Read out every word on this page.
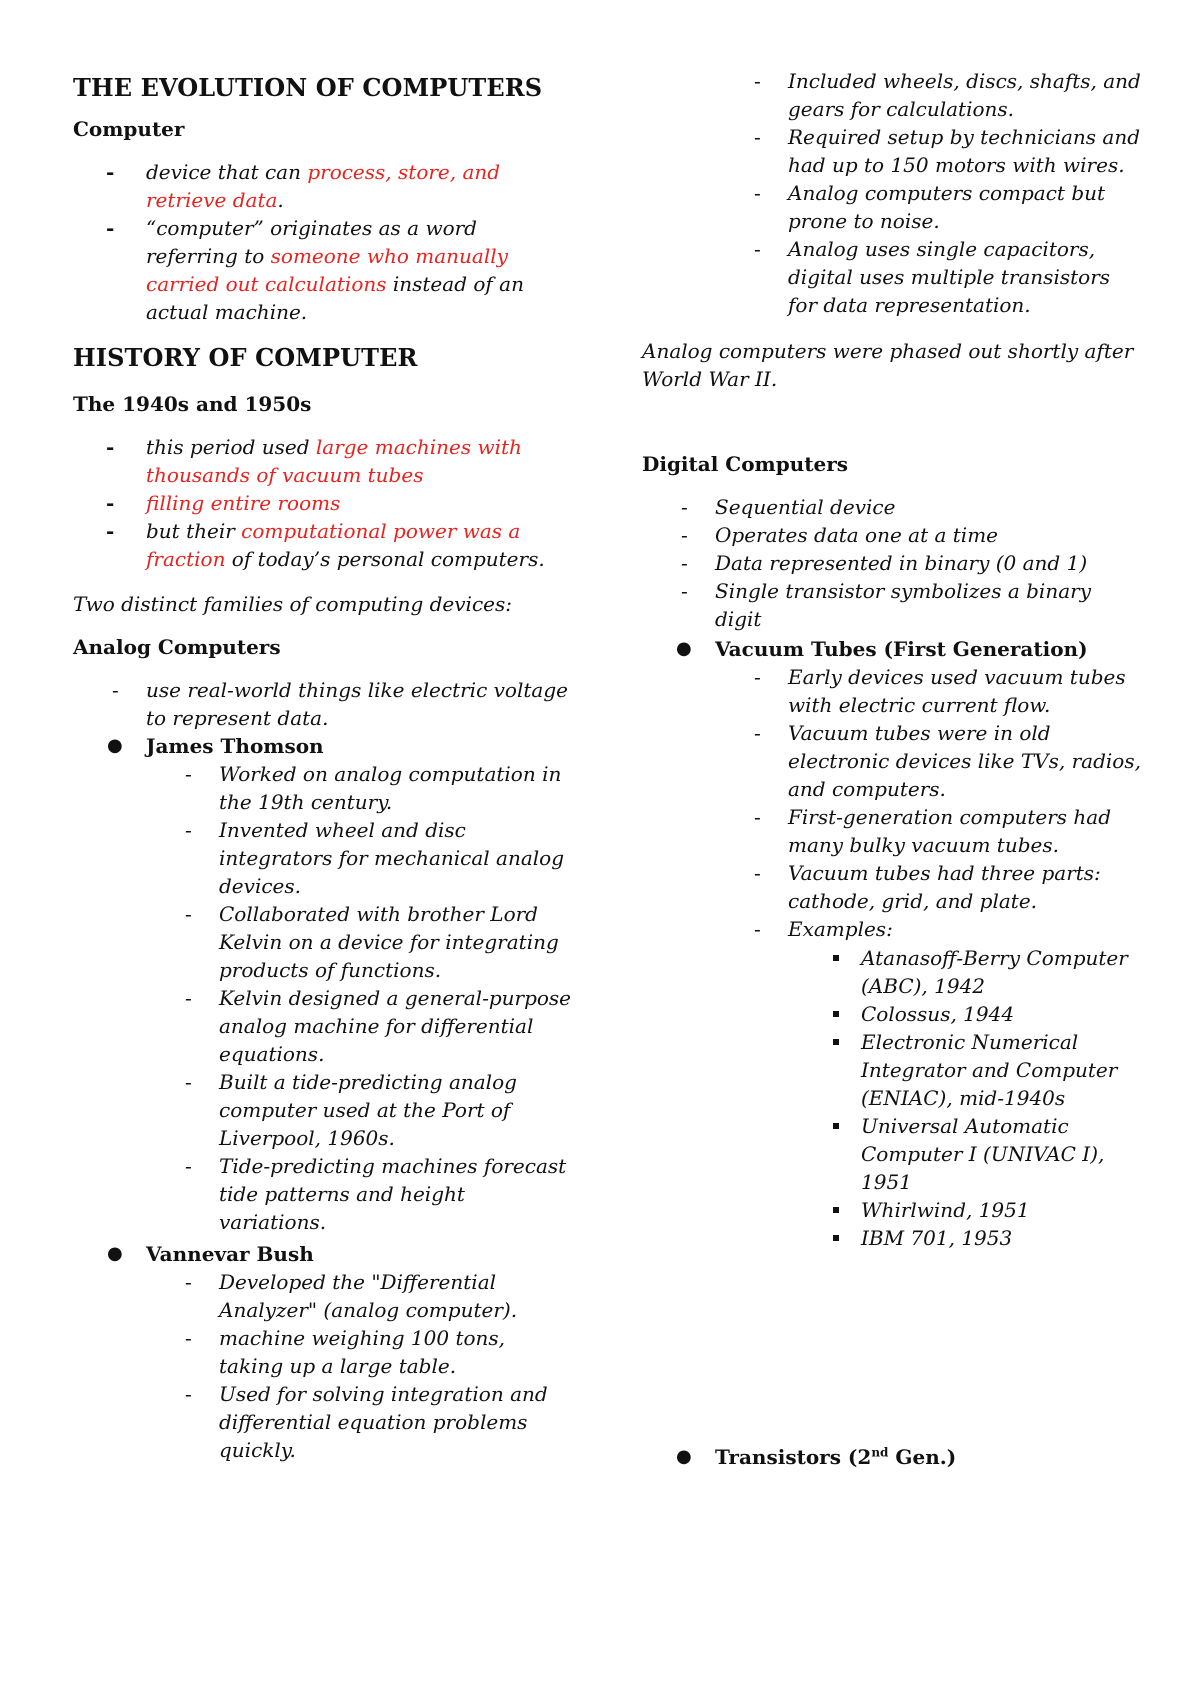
THE EVOLUTION OF COMPUTERS
Computer
- device that can process, store, and
retrieve data.
- “computer” originates as a word
referring to someone who manually
carried out calculations instead of an
actual machine.
HISTORY OF COMPUTER
The 1940s and 1950s
- this period used large machines with
thousands of vacuum tubes
- filling entire rooms
- but their computational power was a
fraction of today’s personal computers.
Two distinct families of computing devices:
Analog Computers
- use real-world things like electric voltage
to represent data.
● James Thomson
- Worked on analog computation in
the 19th century.
- Invented wheel and disc
integrators for mechanical analog
devices.
- Collaborated with brother Lord
Kelvin on a device for integrating
products of functions.
- Kelvin designed a general-purpose
analog machine for differential
equations.
- Built a tide-predicting analog
computer used at the Port of
Liverpool, 1960s.
- Tide-predicting machines forecast
tide patterns and height
variations.
● Vannevar Bush
- Developed the "Differential
Analyzer" (analog computer).
- machine weighing 100 tons,
taking up a large table.
- Used for solving integration and
differential equation problems
quickly.
- Included wheels, discs, shafts, and
gears for calculations.
- Required setup by technicians and
had up to 150 motors with wires.
- Analog computers compact but
prone to noise.
- Analog uses single capacitors,
digital uses multiple transistors
for data representation.
Analog computers were phased out shortly after
World War II.
Digital Computers
- Sequential device
- Operates data one at a time
- Data represented in binary (0 and 1)
- Single transistor symbolizes a binary
digit
● Vacuum Tubes (First Generation)
- Early devices used vacuum tubes
with electric current flow.
- Vacuum tubes were in old
electronic devices like TVs, radios,
and computers.
- First-generation computers had
many bulky vacuum tubes.
- Vacuum tubes had three parts:
cathode, grid, and plate.
- Examples:
Atanasoff-Berry Computer
(ABC), 1942
Colossus, 1944
Electronic Numerical
Integrator and Computer
(ENIAC), mid-1940s
Universal Automatic
Computer I (UNIVAC I),
1951
Whirlwind, 1951
IBM 701, 1953
● Transistors (2nd Gen.)
